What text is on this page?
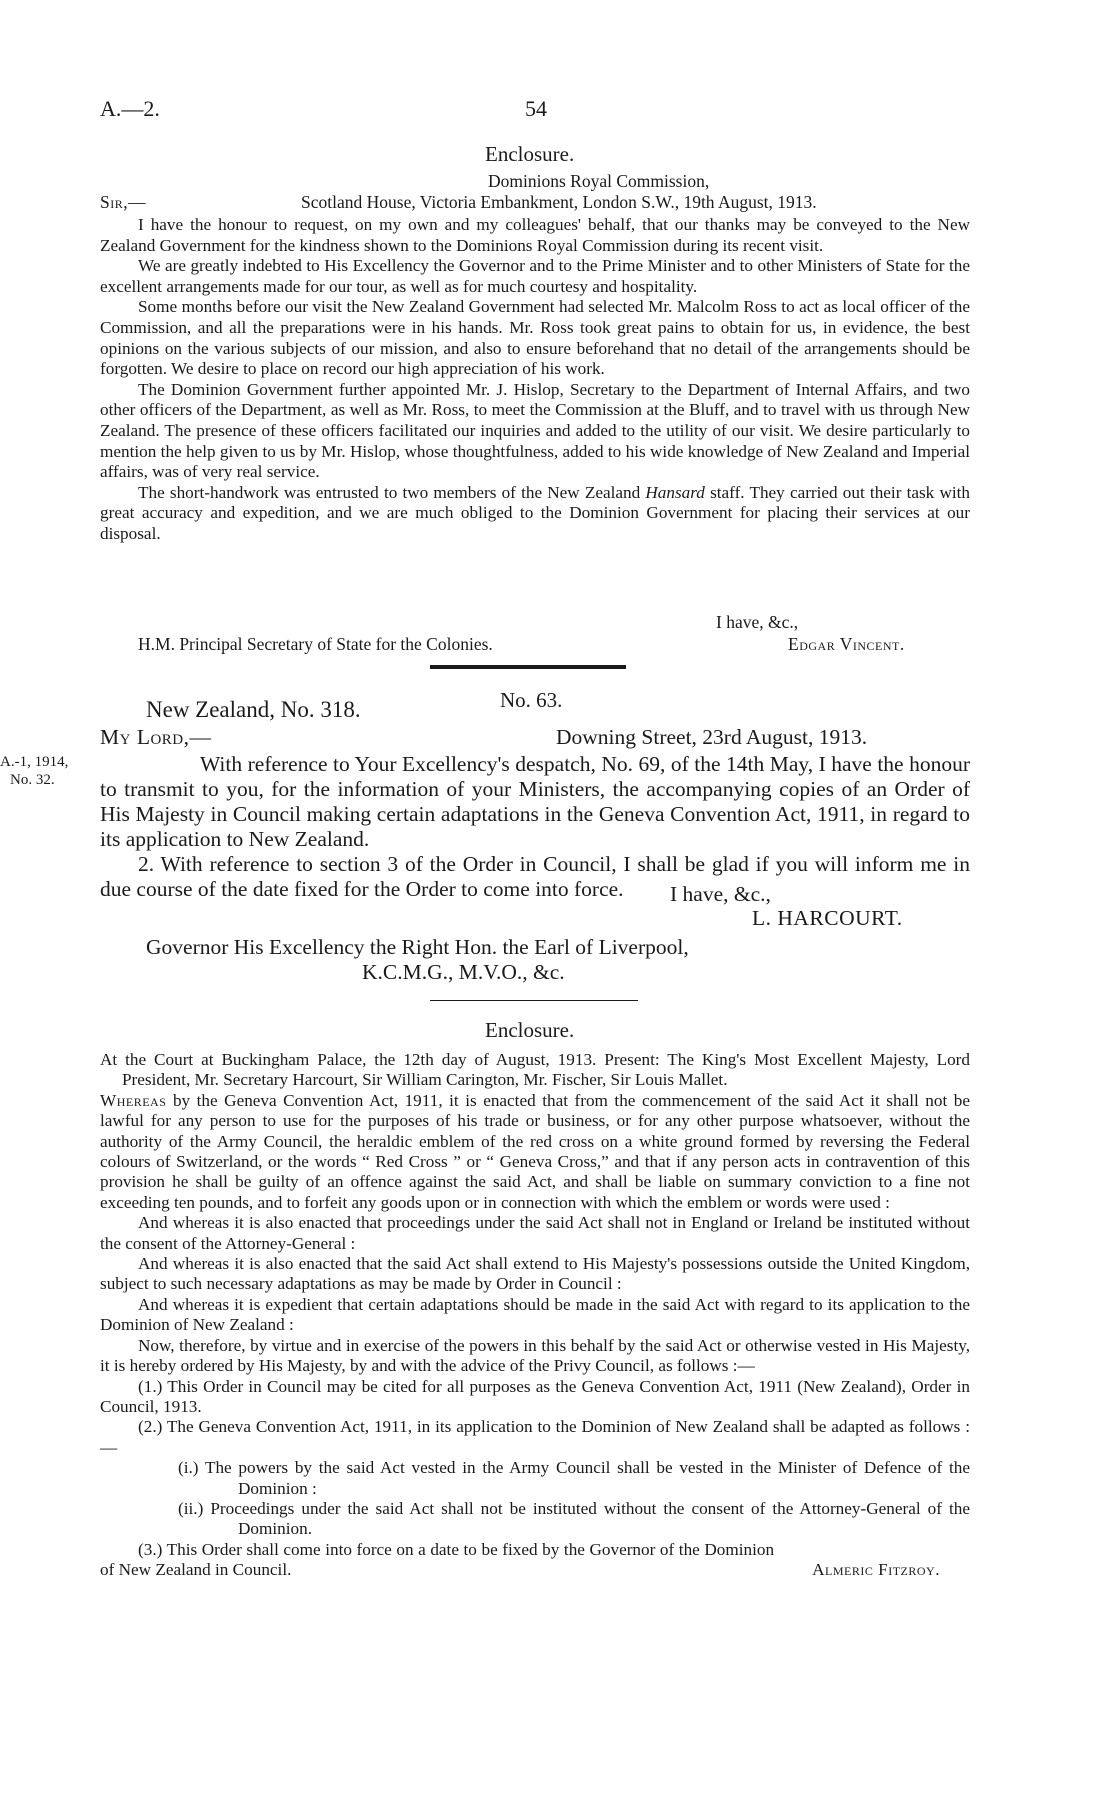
A.—2.	54
Enclosure.
Dominions Royal Commission,
Sir,—	Scotland House, Victoria Embankment, London S.W., 19th August, 1913.

I have the honour to request, on my own and my colleagues' behalf, that our thanks may be conveyed to the New Zealand Government for the kindness shown to the Dominions Royal Commission during its recent visit.

We are greatly indebted to His Excellency the Governor and to the Prime Minister and to other Ministers of State for the excellent arrangements made for our tour, as well as for much courtesy and hospitality.

Some months before our visit the New Zealand Government had selected Mr. Malcolm Ross to act as local officer of the Commission, and all the preparations were in his hands. Mr. Ross took great pains to obtain for us, in evidence, the best opinions on the various subjects of our mission, and also to ensure beforehand that no detail of the arrangements should be forgotten. We desire to place on record our high appreciation of his work.

The Dominion Government further appointed Mr. J. Hislop, Secretary to the Department of Internal Affairs, and two other officers of the Department, as well as Mr. Ross, to meet the Commission at the Bluff, and to travel with us through New Zealand. The presence of these officers facilitated our inquiries and added to the utility of our visit. We desire particularly to mention the help given to us by Mr. Hislop, whose thoughtfulness, added to his wide knowledge of New Zealand and Imperial affairs, was of very real service.

The short-handwork was entrusted to two members of the New Zealand Hansard staff. They carried out their task with great accuracy and expedition, and we are much obliged to the Dominion Government for placing their services at our disposal.

I have, &c.,
H.M. Principal Secretary of State for the Colonies.	Edgar Vincent.
New Zealand, No. 318.	No. 63.
My Lord,—	Downing Street, 23rd August, 1913.
A.-1, 1914,
No. 32.

With reference to Your Excellency's despatch, No. 69, of the 14th May, I have the honour to transmit to you, for the information of your Ministers, the accompanying copies of an Order of His Majesty in Council making certain adaptations in the Geneva Convention Act, 1911, in regard to its application to New Zealand.

2. With reference to section 3 of the Order in Council, I shall be glad if you will inform me in due course of the date fixed for the Order to come into force.	I have, &c.,
L. HARCOURT.
Governor His Excellency the Right Hon. the Earl of Liverpool,
K.C.M.G., M.V.O., &c.
Enclosure.

At the Court at Buckingham Palace, the 12th day of August, 1913. Present: The King's Most Excellent Majesty, Lord President, Mr. Secretary Harcourt, Sir William Carington, Mr. Fischer, Sir Louis Mallet.

Whereas by the Geneva Convention Act, 1911, it is enacted that from the commencement of the said Act it shall not be lawful for any person to use for the purposes of his trade or business, or for any other purpose whatsoever, without the authority of the Army Council, the heraldic emblem of the red cross on a white ground formed by reversing the Federal colours of Switzerland, or the words “ Red Cross ” or “ Geneva Cross,” and that if any person acts in contravention of this provision he shall be guilty of an offence against the said Act, and shall be liable on summary conviction to a fine not exceeding ten pounds, and to forfeit any goods upon or in connection with which the emblem or words were used :

And whereas it is also enacted that proceedings under the said Act shall not in England or Ireland be instituted without the consent of the Attorney-General :

And whereas it is also enacted that the said Act shall extend to His Majesty's possessions outside the United Kingdom, subject to such necessary adaptations as may be made by Order in Council :

And whereas it is expedient that certain adaptations should be made in the said Act with regard to its application to the Dominion of New Zealand :

Now, therefore, by virtue and in exercise of the powers in this behalf by the said Act or otherwise vested in His Majesty, it is hereby ordered by His Majesty, by and with the advice of the Privy Council, as follows :—

(1.) This Order in Council may be cited for all purposes as the Geneva Convention Act, 1911 (New Zealand), Order in Council, 1913.

(2.) The Geneva Convention Act, 1911, in its application to the Dominion of New Zealand shall be adapted as follows :—

(i.) The powers by the said Act vested in the Army Council shall be vested in the Minister of Defence of the Dominion :

(ii.) Proceedings under the said Act shall not be instituted without the consent of the Attorney-General of the Dominion.

Almeric Fitzroy.
(3.) This Order shall come into force on a date to be fixed by the Governor of the Dominion of New Zealand in Council.
